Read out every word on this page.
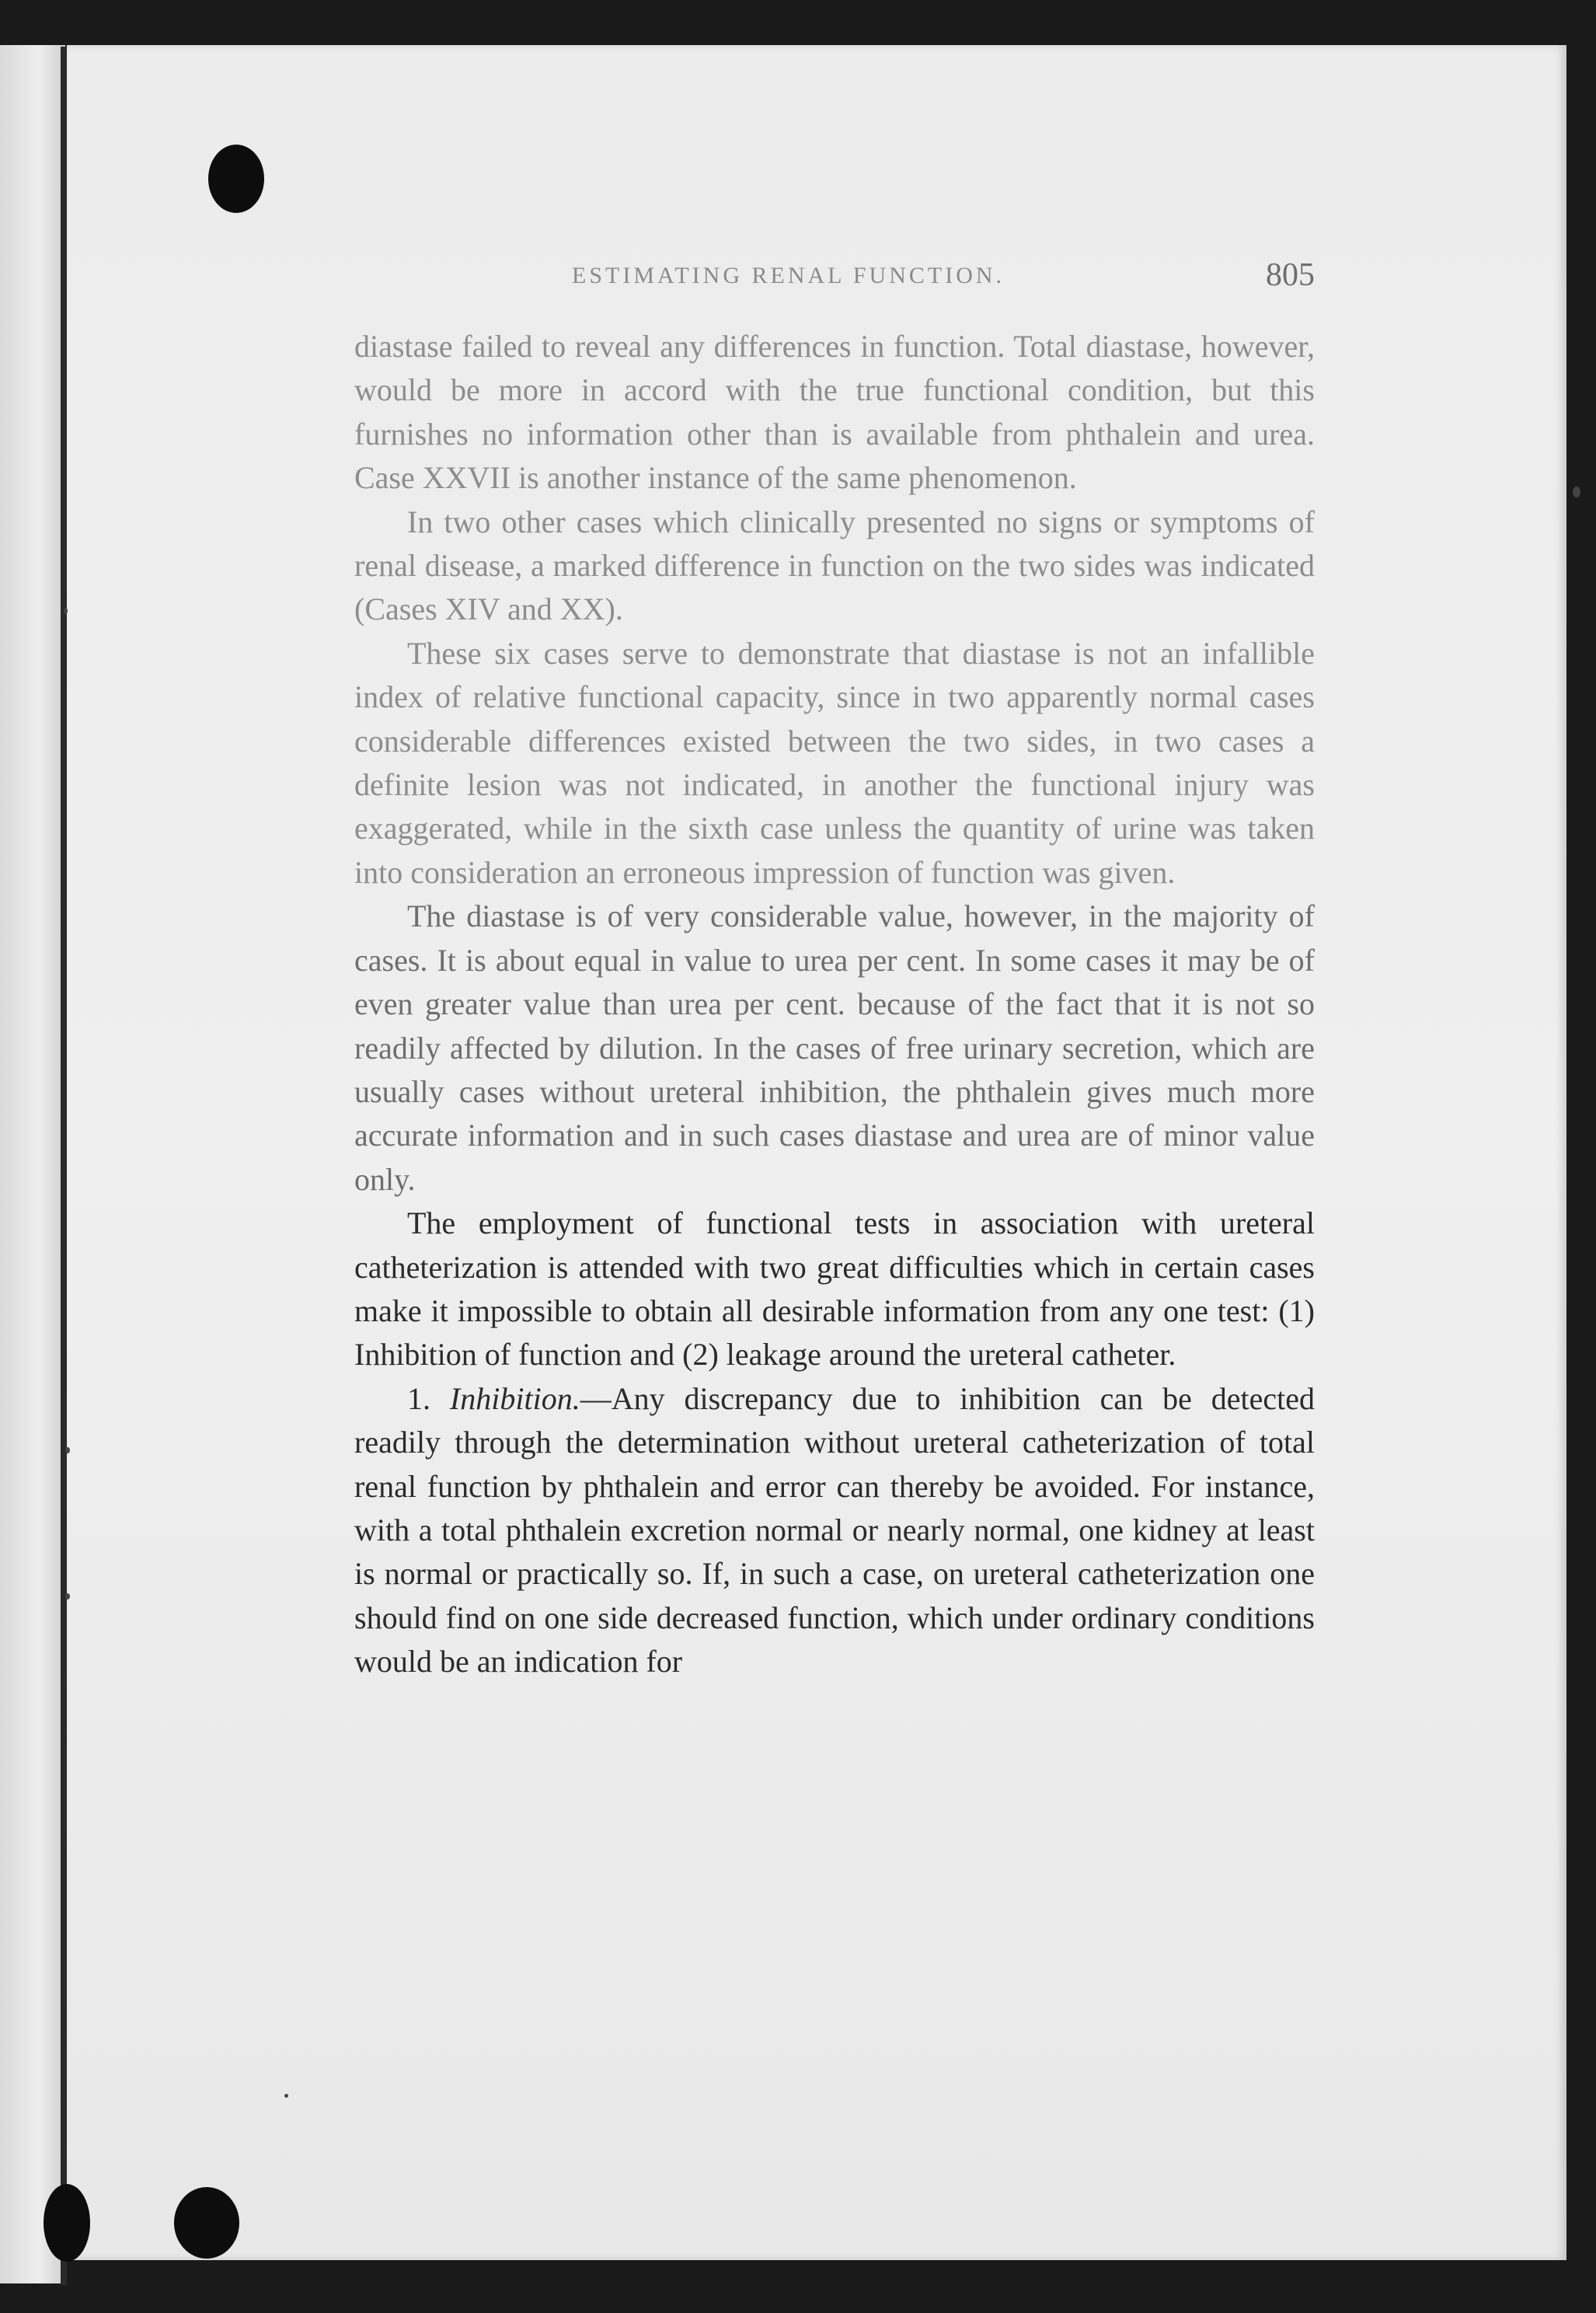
ESTIMATING RENAL FUNCTION.	805

diastase failed to reveal any differences in function. Total diastase, however, would be more in accord with the true functional condition, but this furnishes no information other than is available from phthalein and urea. Case XXVII is another instance of the same phenomenon.

In two other cases which clinically presented no signs or symptoms of renal disease, a marked difference in function on the two sides was indicated (Cases XIV and XX).

These six cases serve to demonstrate that diastase is not an infallible index of relative functional capacity, since in two apparently normal cases considerable differences existed between the two sides, in two cases a definite lesion was not indicated, in another the functional injury was exaggerated, while in the sixth case unless the quantity of urine was taken into consideration an erroneous impression of function was given.

The diastase is of very considerable value, however, in the majority of cases. It is about equal in value to urea per cent. In some cases it may be of even greater value than urea per cent. because of the fact that it is not so readily affected by dilution. In the cases of free urinary secretion, which are usually cases without ureteral inhibition, the phthalein gives much more accurate information and in such cases diastase and urea are of minor value only.

The employment of functional tests in association with ureteral catheterization is attended with two great difficulties which in certain cases make it impossible to obtain all desirable information from any one test: (1) Inhibition of function and (2) leakage around the ureteral catheter.

1. Inhibition.—Any discrepancy due to inhibition can be detected readily through the determination without ureteral catheterization of total renal function by phthalein and error can thereby be avoided. For instance, with a total phthalein excretion normal or nearly normal, one kidney at least is normal or practically so. If, in such a case, on ureteral catheterization one should find on one side decreased function, which under ordinary conditions would be an indication for
